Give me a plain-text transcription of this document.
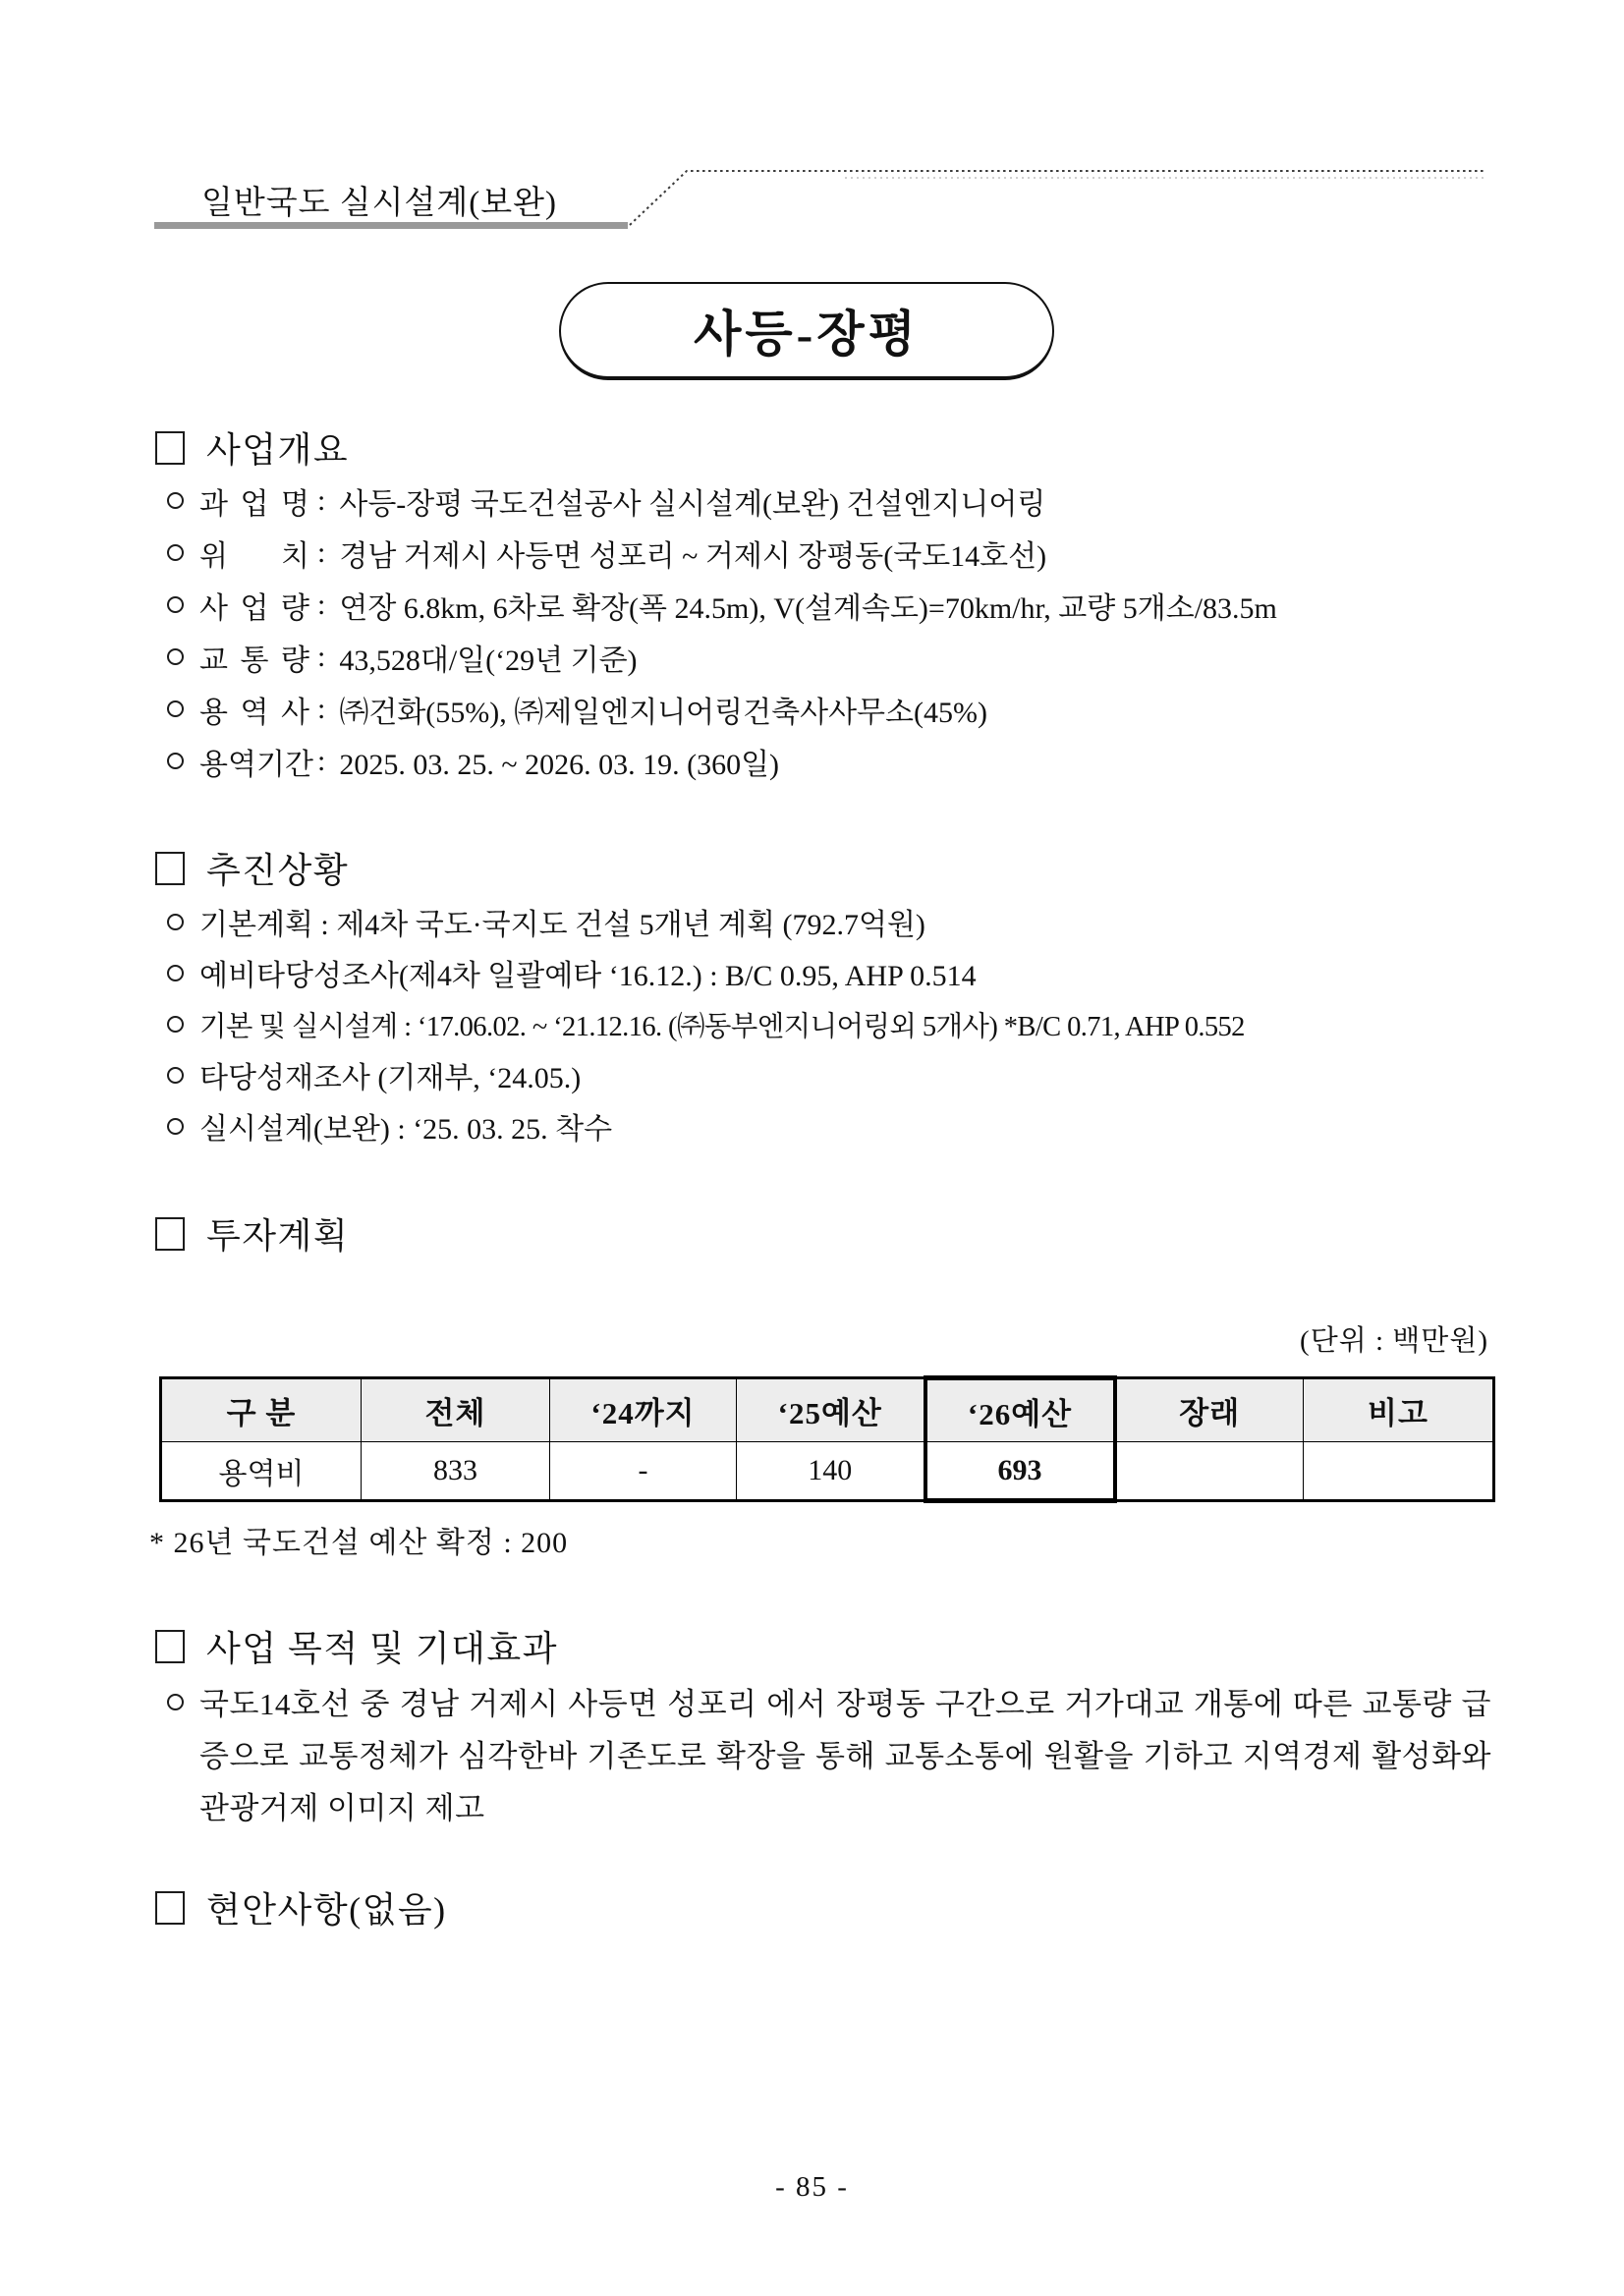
일반국도 실시설계(보완)
사등-장평
사업개요
과 업 명 : 사등-장평 국도건설공사 실시설계(보완) 건설엔지니어링
위 치 : 경남 거제시 사등면 성포리 ~ 거제시 장평동(국도14호선)
사 업 량 : 연장 6.8km, 6차로 확장(폭 24.5m), V(설계속도)=70km/hr, 교량 5개소/83.5m
교 통 량 : 43,528대/일(‘29년 기준)
용 역 사 : ㈜건화(55%), ㈜제일엔지니어링건축사사무소(45%)
용역기간 : 2025. 03. 25. ~ 2026. 03. 19. (360일)
추진상황
기본계획 : 제4차 국도·국지도 건설 5개년 계획 (792.7억원)
예비타당성조사(제4차 일괄예타 ‘16.12.) : B/C 0.95, AHP 0.514
기본 및 실시설계 : ‘17.06.02. ~ ‘21.12.16. (㈜동부엔지니어링외 5개사) *B/C 0.71, AHP 0.552
타당성재조사 (기재부, ‘24.05.)
실시설계(보완) : ‘25. 03. 25. 착수
투자계획
(단위 : 백만원)
구 분	전체	‘24까지	‘25예산	‘26예산	장래	비고
용역비	833	-	140	693		
* 26년 국도건설 예산 확정 : 200
사업 목적 및 기대효과
국도14호선 중 경남 거제시 사등면 성포리 에서 장평동 구간으로 거가대교 개통에 따른 교통량 급증으로 교통정체가 심각한바 기존도로 확장을 통해 교통소통에 원활을 기하고 지역경제 활성화와 관광거제 이미지 제고
현안사항(없음)
- 85 -
